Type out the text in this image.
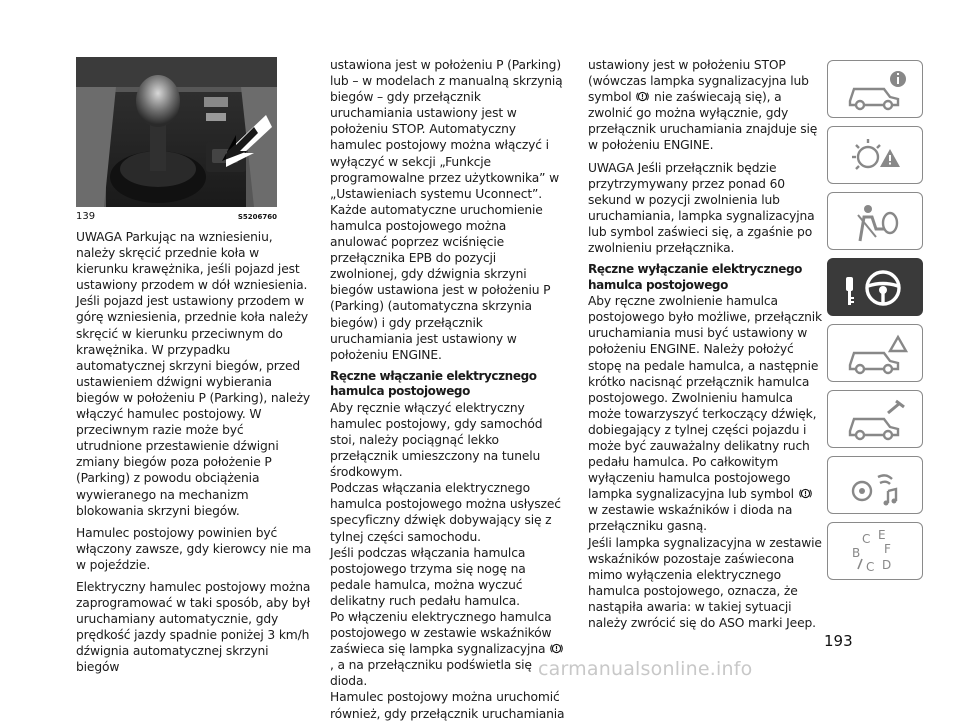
139	S5206760

UWAGA Parkując na wzniesieniu, należy skręcić przednie koła w kierunku krawężnika, jeśli pojazd jest ustawiony przodem w dół wzniesienia. Jeśli pojazd jest ustawiony przodem w górę wzniesienia, przednie koła należy skręcić w kierunku przeciwnym do krawężnika. W przypadku automatycznej skrzyni biegów, przed ustawieniem dźwigni wybierania biegów w położeniu P (Parking), należy włączyć hamulec postojowy. W przeciwnym razie może być utrudnione przestawienie dźwigni zmiany biegów poza położenie P (Parking) z powodu obciążenia wywieranego na mechanizm blokowania skrzyni biegów.

Hamulec postojowy powinien być włączony zawsze, gdy kierowcy nie ma w pojeździe.

Elektryczny hamulec postojowy można zaprogramować w taki sposób, aby był uruchamiany automatycznie, gdy prędkość jazdy spadnie poniżej 3 km/h dźwignia automatycznej skrzyni biegów

ustawiona jest w położeniu P (Parking) lub – w modelach z manualną skrzynią biegów – gdy przełącznik uruchamiania ustawiony jest w położeniu STOP. Automatyczny hamulec postojowy można włączyć i wyłączyć w sekcji „Funkcje programowalne przez użytkownika” w „Ustawieniach systemu Uconnect”. Każde automatyczne uruchomienie hamulca postojowego można anulować poprzez wciśnięcie przełącznika EPB do pozycji zwolnionej, gdy dźwignia skrzyni biegów ustawiona jest w położeniu P (Parking) (automatyczna skrzynia biegów) i gdy przełącznik uruchamiania jest ustawiony w położeniu ENGINE.

Ręczne włączanie elektrycznego hamulca postojowego

Aby ręcznie włączyć elektryczny hamulec postojowy, gdy samochód stoi, należy pociągnąć lekko przełącznik umieszczony na tunelu środkowym.

Podczas włączania elektrycznego hamulca postojowego można usłyszeć specyficzny dźwięk dobywający się z tylnej części samochodu.

Jeśli podczas włączania hamulca postojowego trzyma się nogę na pedale hamulca, można wyczuć delikatny ruch pedału hamulca.

Po włączeniu elektrycznego hamulca postojowego w zestawie wskaźników zaświeca się lampka sygnalizacyjna , a na przełączniku podświetla się dioda.

Hamulec postojowy można uruchomić również, gdy przełącznik uruchamiania

ustawiony jest w położeniu STOP (wówczas lampka sygnalizacyjna lub symbol nie zaświecają się), a zwolnić go można wyłącznie, gdy przełącznik uruchamiania znajduje się w położeniu ENGINE.

UWAGA Jeśli przełącznik będzie przytrzymywany przez ponad 60 sekund w pozycji zwolnienia lub uruchamiania, lampka sygnalizacyjna lub symbol zaświeci się, a zgaśnie po zwolnieniu przełącznika.

Ręczne wyłączanie elektrycznego hamulca postojowego

Aby ręczne zwolnienie hamulca postojowego było możliwe, przełącznik uruchamiania musi być ustawiony w położeniu ENGINE. Należy położyć stopę na pedale hamulca, a następnie krótko nacisnąć przełącznik hamulca postojowego. Zwolnieniu hamulca może towarzyszyć terkoczący dźwięk, dobiegający z tylnej części pojazdu i może być zauważalny delikatny ruch pedału hamulca. Po całkowitym wyłączeniu hamulca postojowego lampka sygnalizacyjna lub symbol  w zestawie wskaźników i dioda na przełączniku gasną.

Jeśli lampka sygnalizacyjna w zestawie wskaźników pozostaje zaświecona mimo wyłączenia elektrycznego hamulca postojowego, oznacza, że nastąpiła awaria: w takiej sytuacji należy zwrócić się do ASO marki Jeep.

C E
B F
C D
193
carmanualsonline.info
